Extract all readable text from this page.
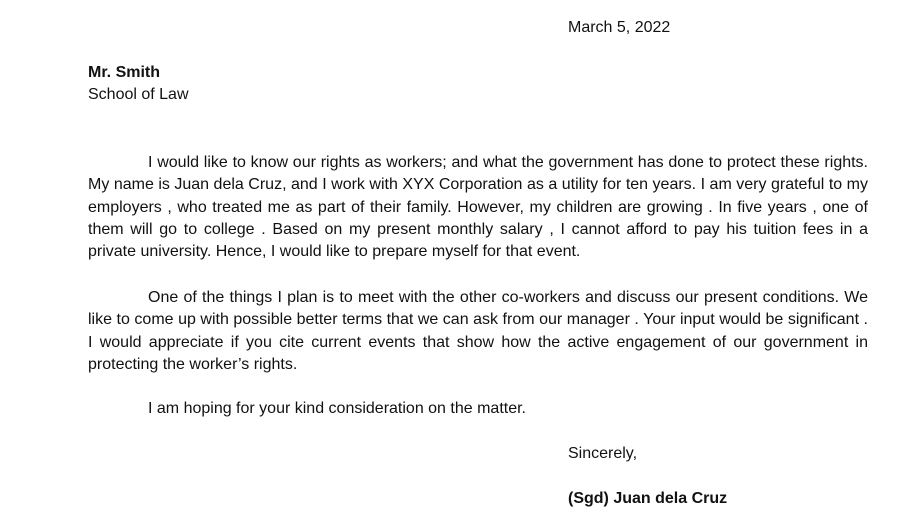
March 5, 2022
Mr. Smith
School of Law

I would like to know our rights as workers; and what the government has done to protect these rights. My name is Juan dela Cruz, and I work with XYX Corporation as a utility for ten years. I am very grateful to my employers , who treated me as part of their family. However, my children are growing . In five years , one of them will go to college . Based on my present monthly salary , I cannot afford to pay his tuition fees in a private university. Hence, I would like to prepare myself for that event.

One of the things I plan is to meet with the other co-workers and discuss our present conditions. We like to come up with possible better terms that we can ask from our manager . Your input would be significant . I would appreciate if you cite current events that show how the active engagement of our government in protecting the worker’s rights.

I am hoping for your kind consideration on the matter.

Sincerely,
(Sgd) Juan dela Cruz
